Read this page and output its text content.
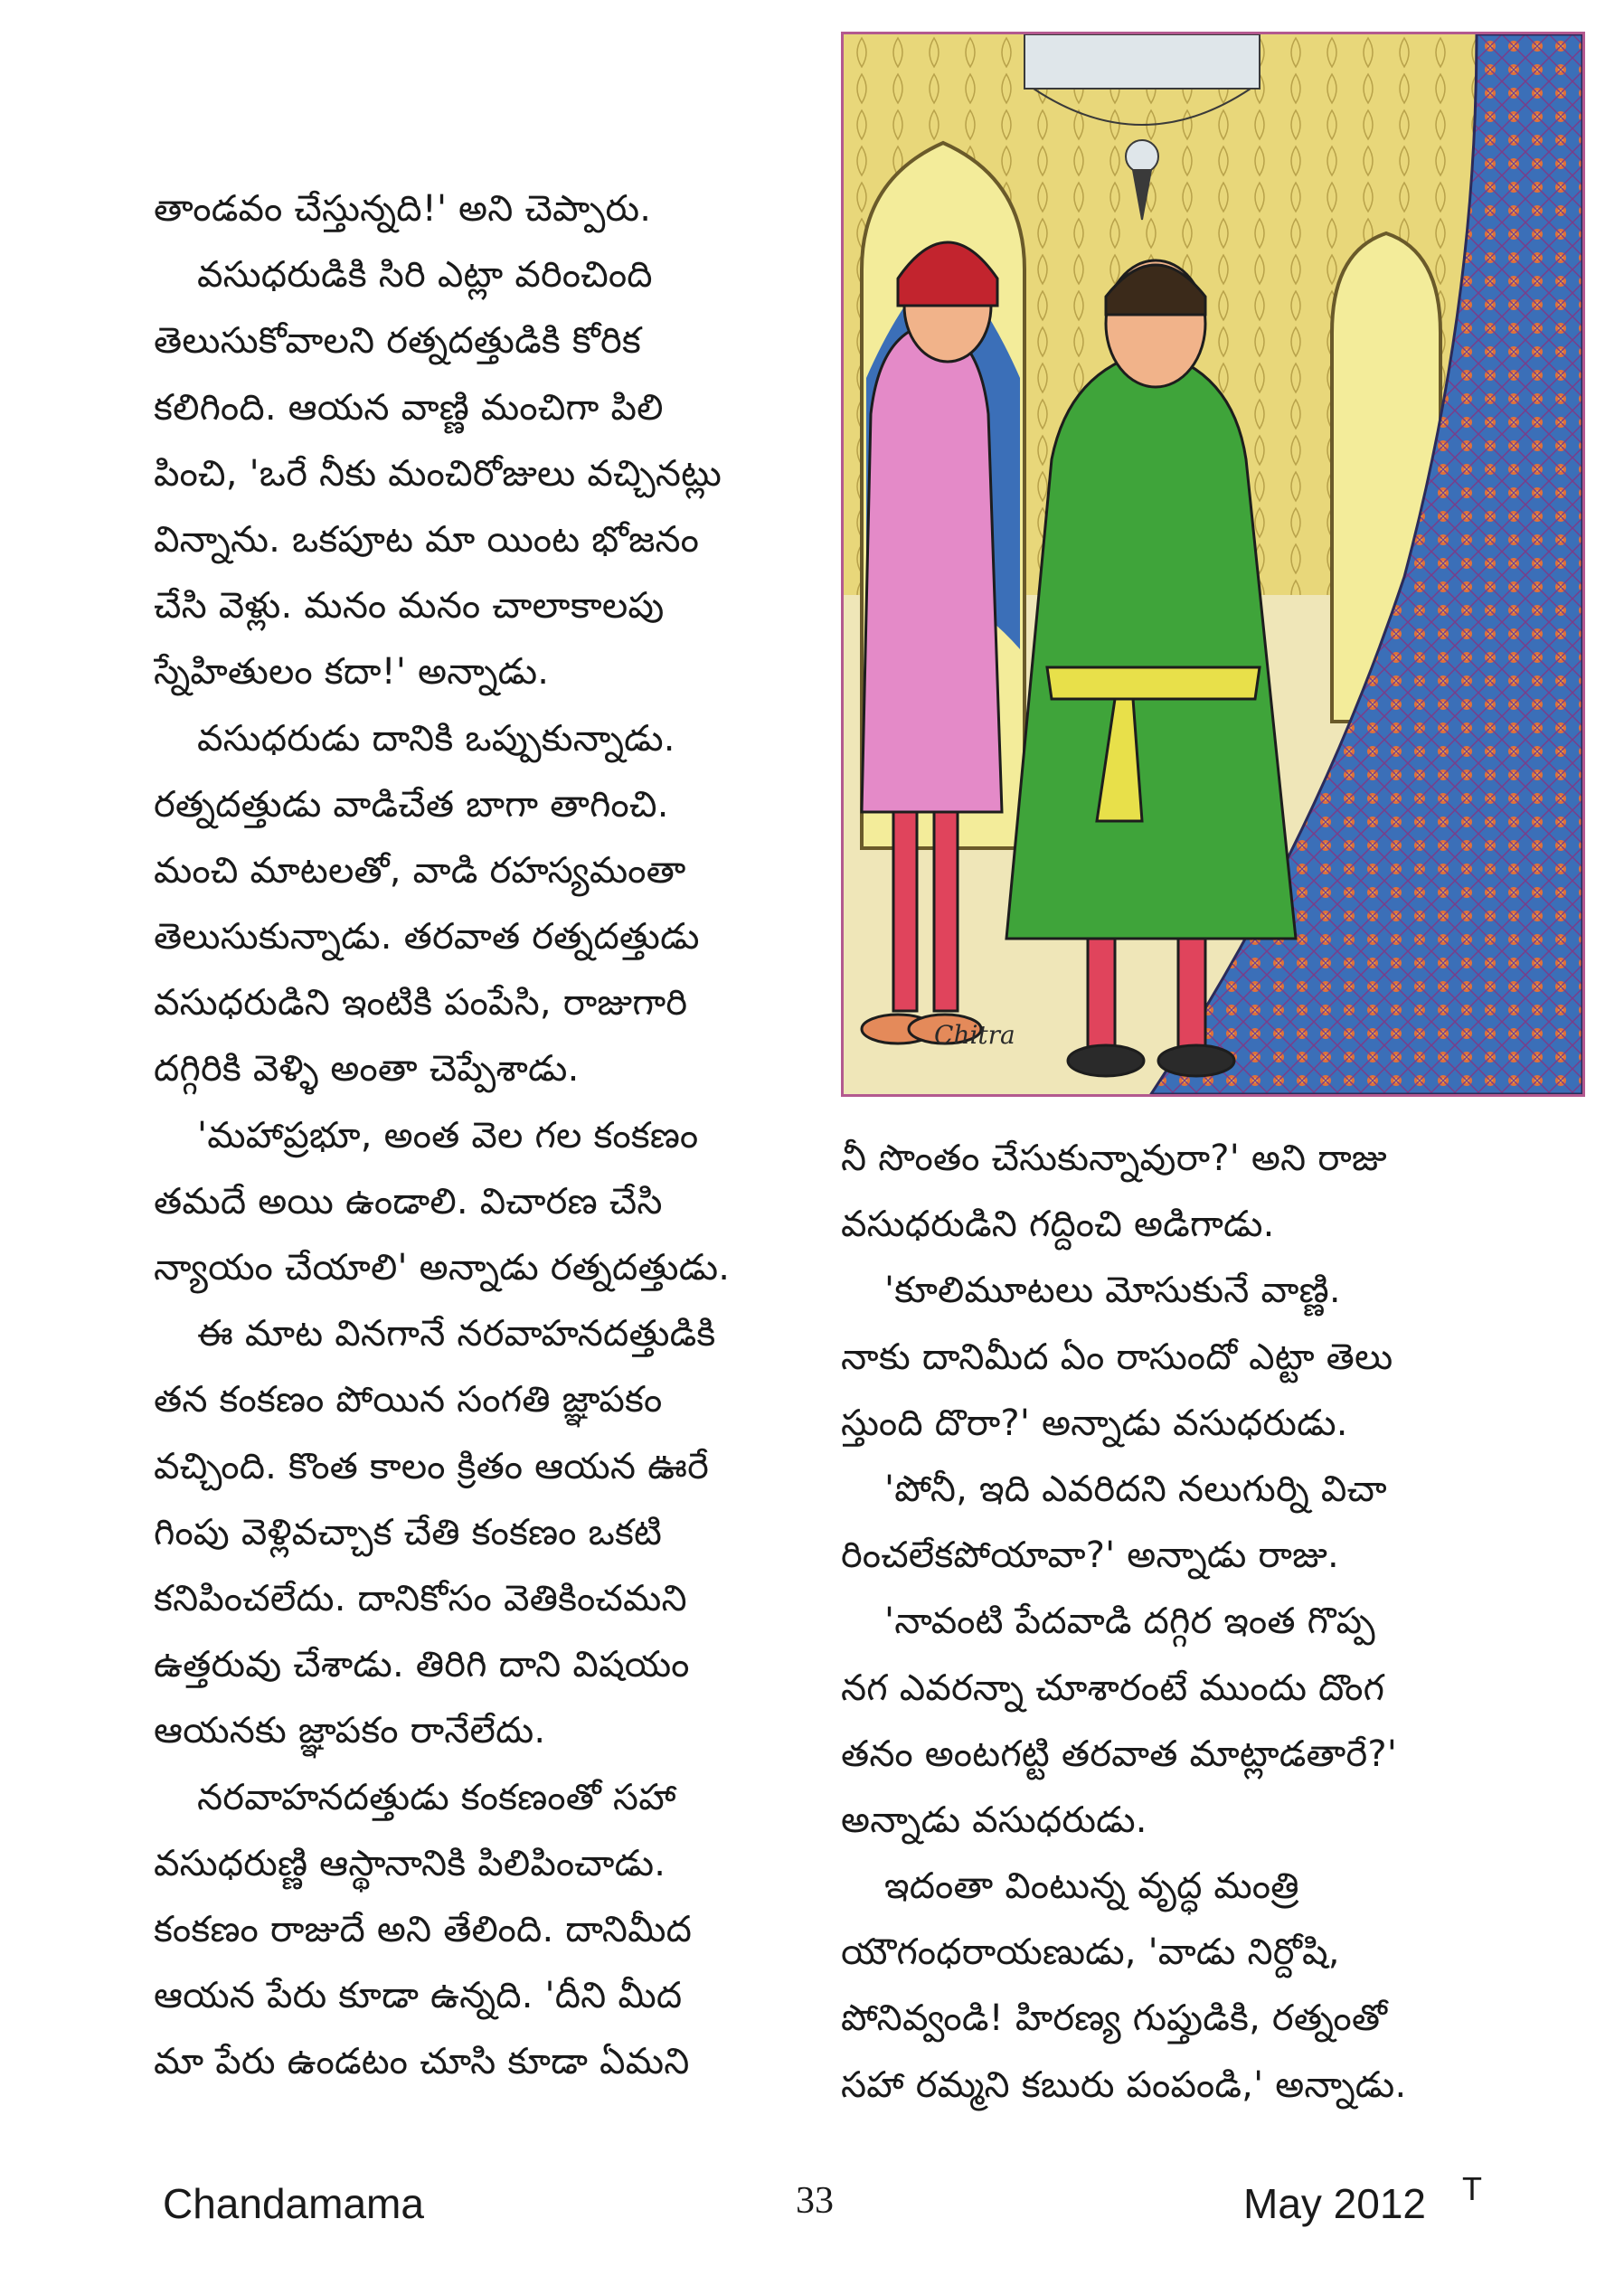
తాండవం చేస్తున్నది!' అని చెప్పారు.
వసుధరుడికి సిరి ఎట్లా వరించింది
తెలుసుకోవాలని రత్నదత్తుడికి కోరిక
కలిగింది. ఆయన వాణ్ణి మంచిగా పిలి
పించి, 'ఒరే నీకు మంచిరోజులు వచ్చినట్లు
విన్నాను. ఒకపూట మా యింట భోజనం
చేసి వెళ్లు. మనం మనం చాలాకాలపు
స్నేహితులం కదా!' అన్నాడు.
వసుధరుడు దానికి ఒప్పుకున్నాడు.
రత్నదత్తుడు వాడిచేత బాగా తాగించి.
మంచి మాటలతో, వాడి రహస్యమంతా
తెలుసుకున్నాడు. తరవాత రత్నదత్తుడు
వసుధరుడిని ఇంటికి పంపేసి, రాజుగారి
దగ్గిరికి వెళ్ళి అంతా చెప్పేశాడు.
'మహాప్రభూ, అంత వెల గల కంకణం
తమదే అయి ఉండాలి. విచారణ చేసి
న్యాయం చేయాలి' అన్నాడు రత్నదత్తుడు.
ఈ మాట వినగానే నరవాహనదత్తుడికి
తన కంకణం పోయిన సంగతి జ్ఞాపకం
వచ్చింది. కొంత కాలం క్రితం ఆయన ఊరే
గింపు వెళ్లివచ్చాక చేతి కంకణం ఒకటి
కనిపించలేదు. దానికోసం వెతికించమని
ఉత్తరువు చేశాడు. తిరిగి దాని విషయం
ఆయనకు జ్ఞాపకం రానేలేదు.
నరవాహనదత్తుడు కంకణంతో సహా
వసుధరుణ్ణి ఆస్థానానికి పిలిపించాడు.
కంకణం రాజుదే అని తేలింది. దానిమీద
ఆయన పేరు కూడా ఉన్నది. 'దీని మీద
మా పేరు ఉండటం చూసి కూడా ఏమని
నీ సొంతం చేసుకున్నావురా?' అని రాజు
వసుధరుడిని గద్దించి అడిగాడు.
'కూలిమూటలు మోసుకునే వాణ్ణి.
నాకు దానిమీద ఏం రాసుందో ఎట్టా తెలు
స్తుంది దొరా?' అన్నాడు వసుధరుడు.
'పోనీ, ఇది ఎవరిదని నలుగుర్ని విచా
రించలేకపోయావా?' అన్నాడు రాజు.
'నావంటి పేదవాడి దగ్గిర ఇంత గొప్ప
నగ ఎవరన్నా చూశారంటే ముందు దొంగ
తనం అంటగట్టి తరవాత మాట్లాడతారే?'
అన్నాడు వసుధరుడు.
ఇదంతా వింటున్న వృద్ధ మంత్రి
యౌగంధరాయణుడు, 'వాడు నిర్దోషి,
పోనివ్వండి! హిరణ్య గుప్తుడికి, రత్నంతో
సహా రమ్మని కబురు పంపండి,' అన్నాడు.
Chitra
Chandamama	33	May 2012 T
